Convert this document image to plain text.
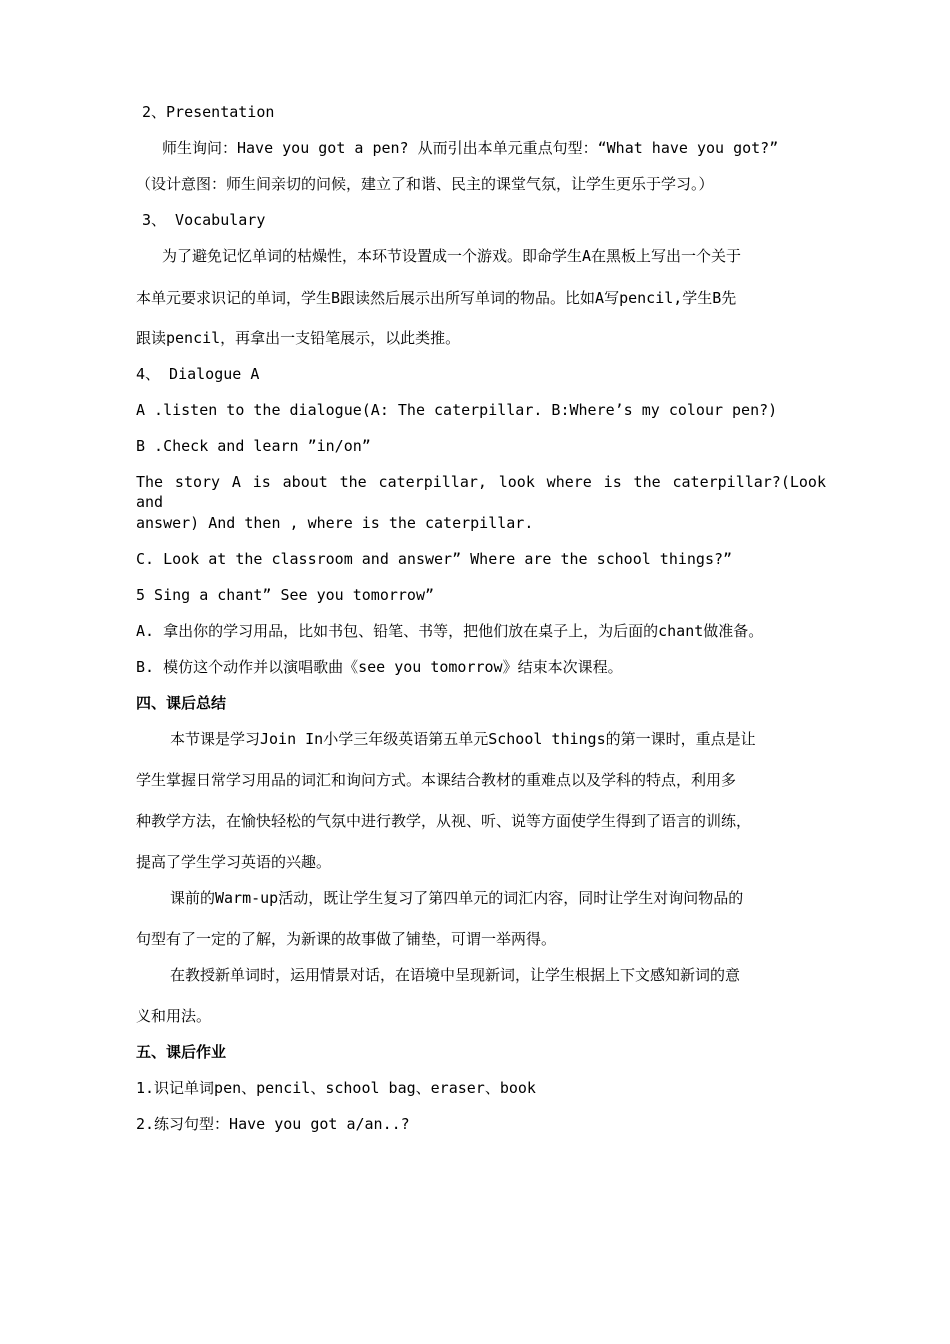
2、Presentation

师生询问：Have you got a pen? 从而引出本单元重点句型：“What have you got?”

（设计意图：师生间亲切的问候，建立了和谐、民主的课堂气氛，让学生更乐于学习。）

3、 Vocabulary

为了避免记忆单词的枯燥性，本环节设置成一个游戏。即命学生A在黑板上写出一个关于

本单元要求识记的单词，学生B跟读然后展示出所写单词的物品。比如A写pencil,学生B先

跟读pencil，再拿出一支铅笔展示，以此类推。

4、 Dialogue A

A .listen to the dialogue(A: The caterpillar. B:Where’s my colour pen?)

B .Check and learn ”in/on”

The story A is about the caterpillar, look where is the caterpillar?(Look and

answer) And then , where is the caterpillar.

C. Look at the classroom and answer” Where are the school things?”

5 Sing a chant” See you tomorrow”

A. 拿出你的学习用品，比如书包、铅笔、书等，把他们放在桌子上，为后面的chant做准备。

B. 模仿这个动作并以演唱歌曲《see you tomorrow》结束本次课程。

四、课后总结

本节课是学习Join In小学三年级英语第五单元School things的第一课时，重点是让

学生掌握日常学习用品的词汇和询问方式。本课结合教材的重难点以及学科的特点，利用多

种教学方法，在愉快轻松的气氛中进行教学，从视、听、说等方面使学生得到了语言的训练，

提高了学生学习英语的兴趣。

课前的Warm-up活动，既让学生复习了第四单元的词汇内容，同时让学生对询问物品的

句型有了一定的了解，为新课的故事做了铺垫，可谓一举两得。

在教授新单词时，运用情景对话，在语境中呈现新词，让学生根据上下文感知新词的意

义和用法。

五、课后作业

1.识记单词pen、pencil、school bag、eraser、book

2.练习句型：Have you got a/an..?
